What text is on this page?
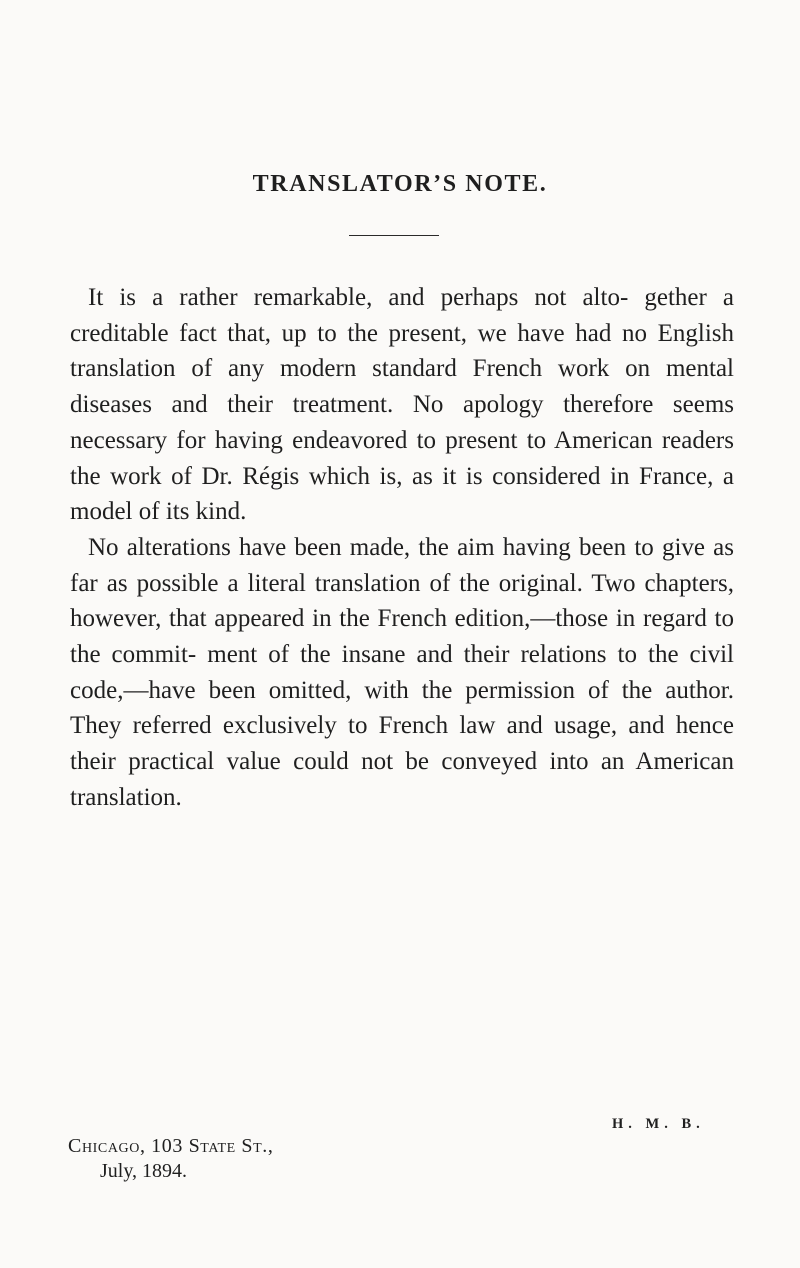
TRANSLATOR’S NOTE.

It is a rather remarkable, and perhaps not alto- gether a creditable fact that, up to the present, we have had no English translation of any modern standard French work on mental diseases and their treatment. No apology therefore seems necessary for having endeavored to present to American readers the work of Dr. Régis which is, as it is considered in France, a model of its kind.

No alterations have been made, the aim having been to give as far as possible a literal translation of the original. Two chapters, however, that appeared in the French edition,—those in regard to the commit- ment of the insane and their relations to the civil code,—have been omitted, with the permission of the author. They referred exclusively to French law and usage, and hence their practical value could not be conveyed into an American translation.

H. M. B.
Chicago, 103 State St.,
July, 1894.
